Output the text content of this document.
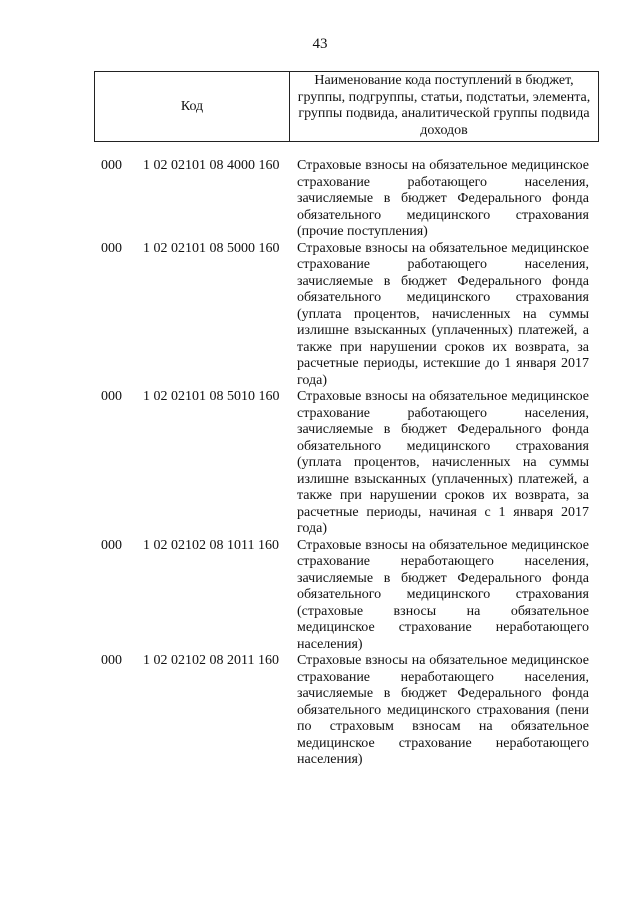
43
Код
Наименование кода поступлений в бюджет, группы, подгруппы, статьи, подстатьи, элемента, группы подвида, аналитической группы подвида доходов
000 1 02 02101 08 4000 160 Страховые взносы на обязательное медицинское страхование работающего населения, зачисляемые в бюджет Федерального фонда обязательного медицинского страхования (прочие поступления)
000 1 02 02101 08 5000 160 Страховые взносы на обязательное медицинское страхование работающего населения, зачисляемые в бюджет Федерального фонда обязательного медицинского страхования (уплата процентов, начисленных на суммы излишне взысканных (уплаченных) платежей, а также при нарушении сроков их возврата, за расчетные периоды, истекшие до 1 января 2017 года)
000 1 02 02101 08 5010 160 Страховые взносы на обязательное медицинское страхование работающего населения, зачисляемые в бюджет Федерального фонда обязательного медицинского страхования (уплата процентов, начисленных на суммы излишне взысканных (уплаченных) платежей, а также при нарушении сроков их возврата, за расчетные периоды, начиная с 1 января 2017 года)
000 1 02 02102 08 1011 160 Страховые взносы на обязательное медицинское страхование неработающего населения, зачисляемые в бюджет Федерального фонда обязательного медицинского страхования (страховые взносы на обязательное медицинское страхование неработающего населения)
000 1 02 02102 08 2011 160 Страховые взносы на обязательное медицинское страхование неработающего населения, зачисляемые в бюджет Федерального фонда обязательного медицинского страхования (пени по страховым взносам на обязательное медицинское страхование неработающего населения)
